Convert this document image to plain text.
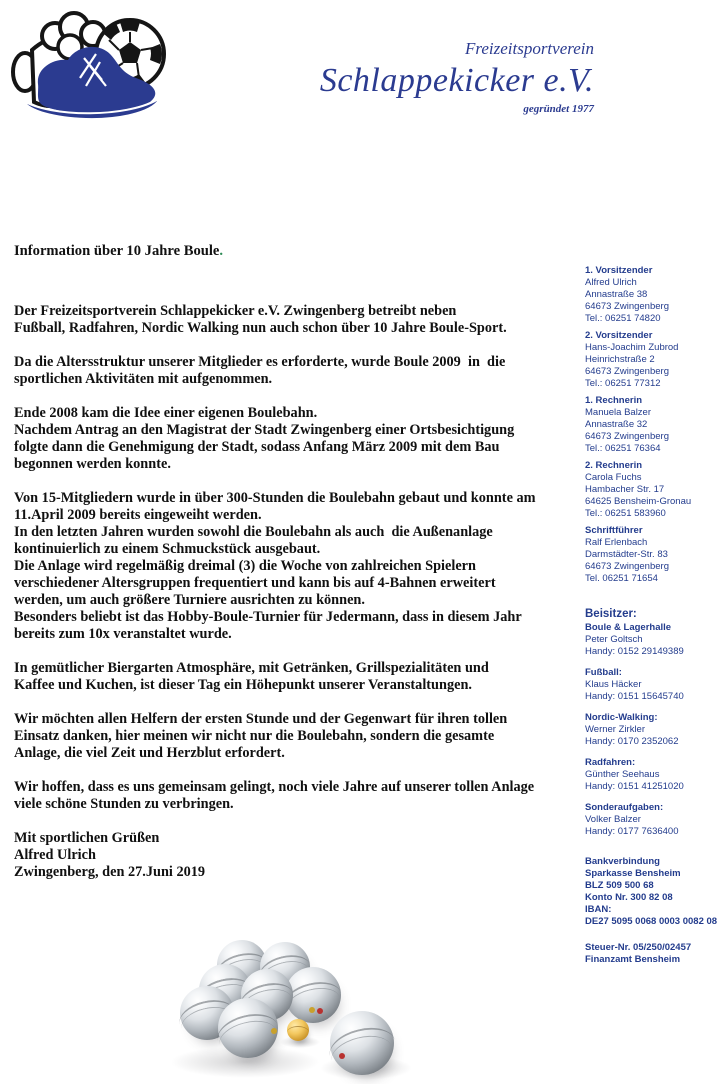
Freizeitsportverein
Schlappekicker e.V.
gegründet 1977
Information über 10 Jahre Boule.
Der Freizeitsportverein Schlappekicker e.V. Zwingenberg betreibt neben
Fußball, Radfahren, Nordic Walking nun auch schon über 10 Jahre Boule-Sport.
Da die Altersstruktur unserer Mitglieder es erforderte, wurde Boule 2009  in  die
sportlichen Aktivitäten mit aufgenommen.
Ende 2008 kam die Idee einer eigenen Boulebahn.
Nachdem Antrag an den Magistrat der Stadt Zwingenberg einer Ortsbesichtigung
folgte dann die Genehmigung der Stadt, sodass Anfang März 2009 mit dem Bau
begonnen werden konnte.
Von 15-Mitgliedern wurde in über 300-Stunden die Boulebahn gebaut und konnte am
11.April 2009 bereits eingeweiht werden.
In den letzten Jahren wurden sowohl die Boulebahn als auch  die Außenanlage
kontinuierlich zu einem Schmuckstück ausgebaut.
Die Anlage wird regelmäßig dreimal (3) die Woche von zahlreichen Spielern
verschiedener Altersgruppen frequentiert und kann bis auf 4-Bahnen erweitert
werden, um auch größere Turniere ausrichten zu können.
Besonders beliebt ist das Hobby-Boule-Turnier für Jedermann, dass in diesem Jahr
bereits zum 10x veranstaltet wurde.
In gemütlicher Biergarten Atmosphäre, mit Getränken, Grillspezialitäten und
Kaffee und Kuchen, ist dieser Tag ein Höhepunkt unserer Veranstaltungen.
Wir möchten allen Helfern der ersten Stunde und der Gegenwart für ihren tollen
Einsatz danken, hier meinen wir nicht nur die Boulebahn, sondern die gesamte
Anlage, die viel Zeit und Herzblut erfordert.
Wir hoffen, dass es uns gemeinsam gelingt, noch viele Jahre auf unserer tollen Anlage
viele schöne Stunden zu verbringen.
Mit sportlichen Grüßen
Alfred Ulrich
Zwingenberg, den 27.Juni 2019
1. Vorsitzender
Alfred Ulrich
Annastraße 38
64673 Zwingenberg
Tel.: 06251 74820
2. Vorsitzender
Hans-Joachim Zubrod
Heinrichstraße 2
64673 Zwingenberg
Tel.: 06251 77312
1. Rechnerin
Manuela Balzer
Annastraße 32
64673 Zwingenberg
Tel.: 06251 76364
2. Rechnerin
Carola Fuchs
Hambacher Str. 17
64625 Bensheim-Gronau
Tel.: 06251 583960
Schriftführer
Ralf Erlenbach
Darmstädter-Str. 83
64673 Zwingenberg
Tel. 06251 71654
Beisitzer:
Boule & Lagerhalle
Peter Goltsch
Handy: 0152 29149389
Fußball:
Klaus Häcker
Handy: 0151 15645740
Nordic-Walking:
Werner Zirkler
Handy: 0170 2352062
Radfahren:
Günther Seehaus
Handy: 0151 41251020
Sonderaufgaben:
Volker Balzer
Handy: 0177 7636400
Bankverbindung
Sparkasse Bensheim
BLZ 509 500 68
Konto Nr. 300 82 08
IBAN:
DE27 5095 0068 0003 0082 08
Steuer-Nr. 05/250/02457
Finanzamt Bensheim
